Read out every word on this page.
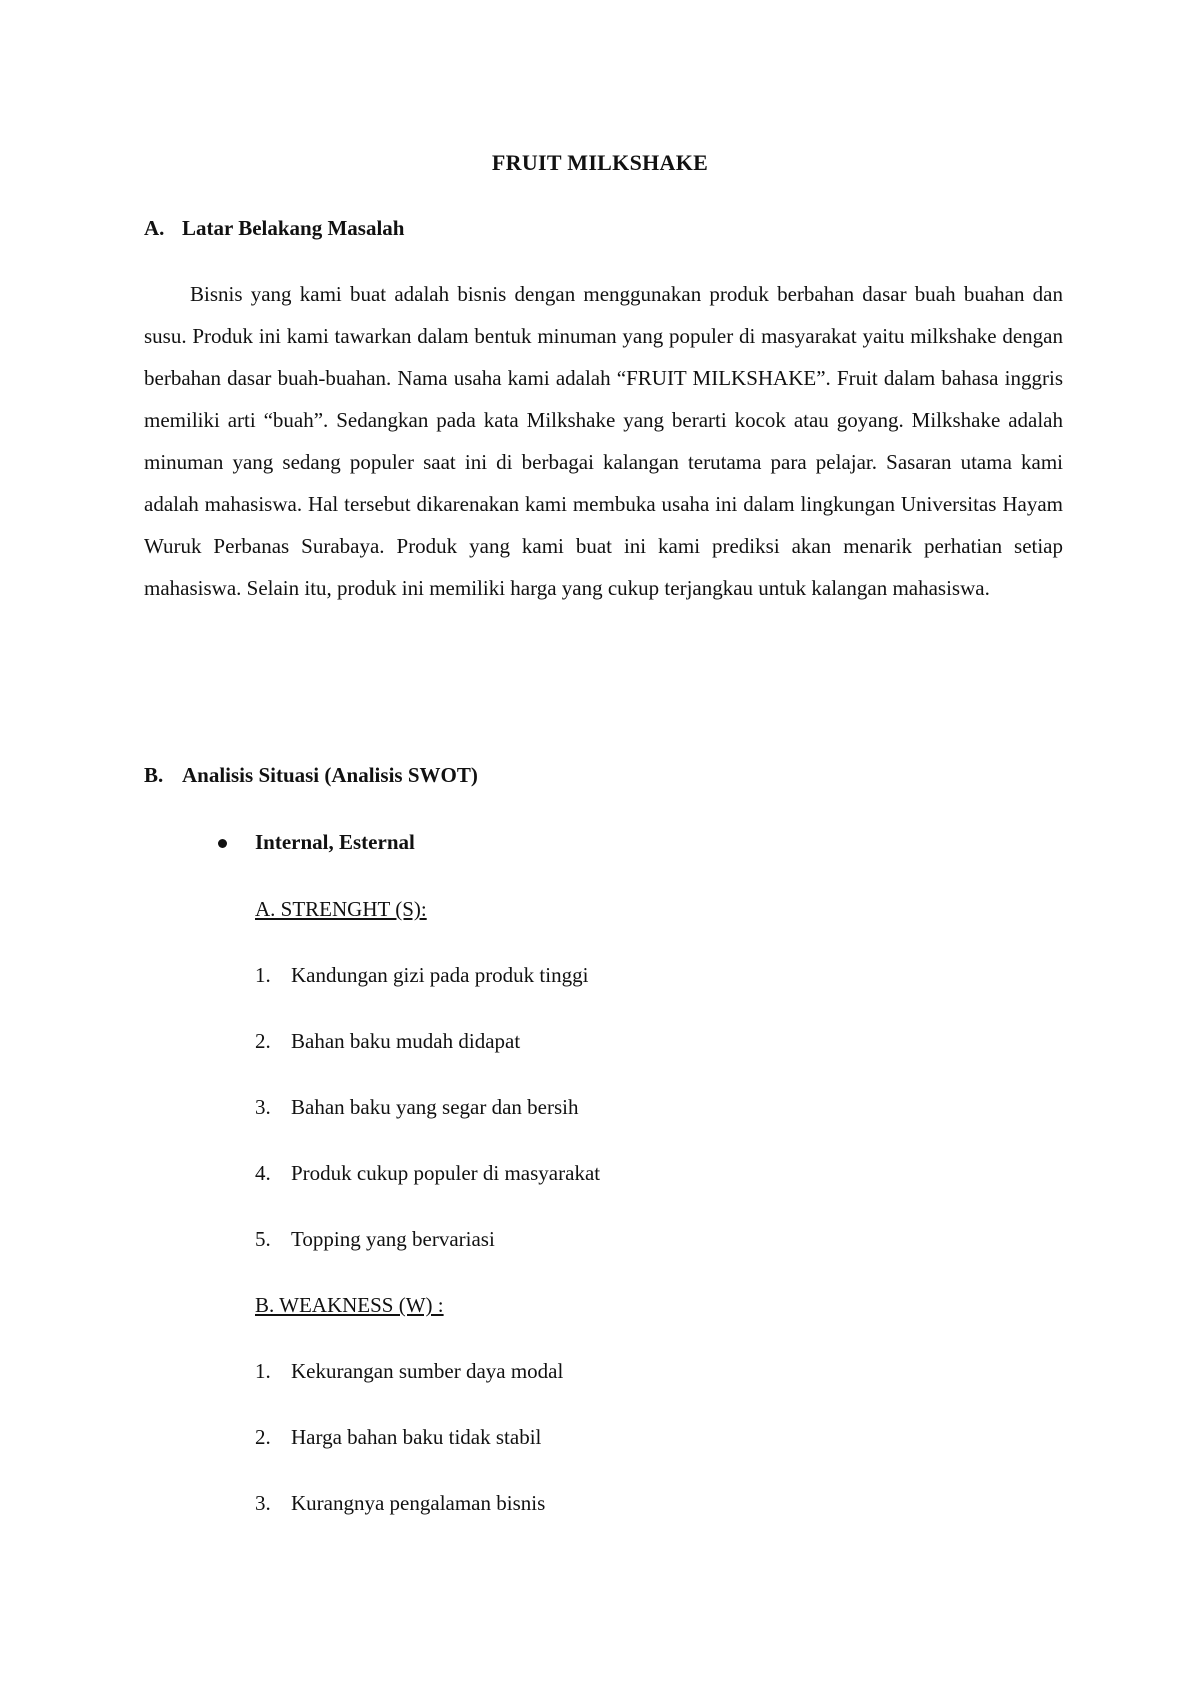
FRUIT MILKSHAKE
A. Latar Belakang Masalah

Bisnis yang kami buat adalah bisnis dengan menggunakan produk berbahan dasar buah buahan dan susu. Produk ini kami tawarkan dalam bentuk minuman yang populer di masyarakat yaitu milkshake dengan berbahan dasar buah-buahan. Nama usaha kami adalah “FRUIT MILKSHAKE”. Fruit dalam bahasa inggris memiliki arti “buah”. Sedangkan pada kata Milkshake yang berarti kocok atau goyang. Milkshake adalah minuman yang sedang populer saat ini di berbagai kalangan terutama para pelajar. Sasaran utama kami adalah mahasiswa. Hal tersebut dikarenakan kami membuka usaha ini dalam lingkungan Universitas Hayam Wuruk Perbanas Surabaya. Produk yang kami buat ini kami prediksi akan menarik perhatian setiap mahasiswa. Selain itu, produk ini memiliki harga yang cukup terjangkau untuk kalangan mahasiswa.

B. Analisis Situasi (Analisis SWOT)
Internal, Esternal
A. STRENGHT (S):
1. Kandungan gizi pada produk tinggi
2. Bahan baku mudah didapat
3. Bahan baku yang segar dan bersih
4. Produk cukup populer di masyarakat
5. Topping yang bervariasi
B. WEAKNESS (W) :
1. Kekurangan sumber daya modal
2. Harga bahan baku tidak stabil
3. Kurangnya pengalaman bisnis
